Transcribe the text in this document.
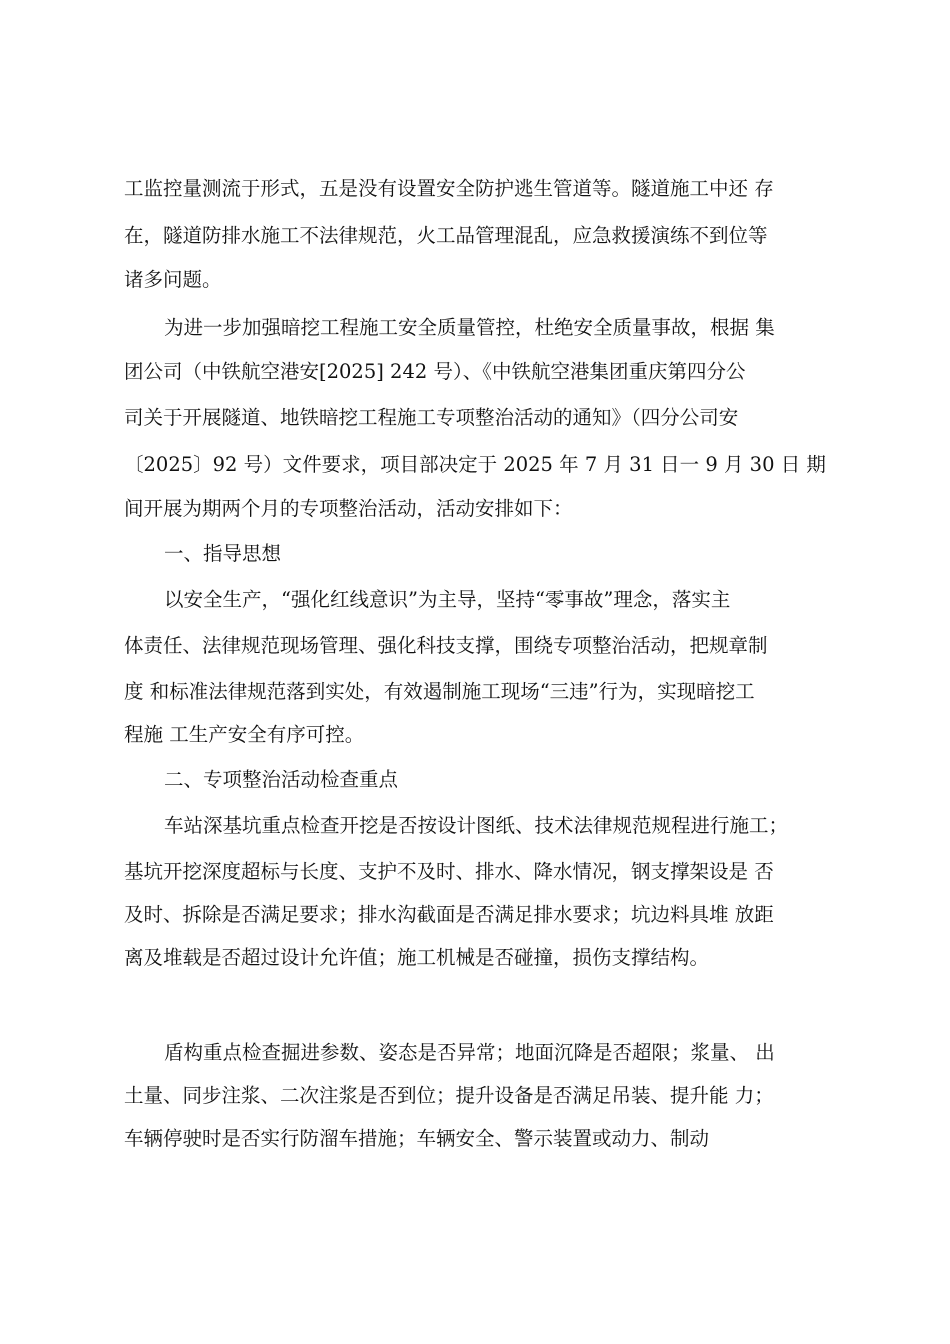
工监控量测流于形式，五是没有设置安全防护逃生管道等。隧道施工中还 存
在，隧道防排水施工不法律规范，火工品管理混乱，应急救援演练不到位等
诸多问题。
为进一步加强暗挖工程施工安全质量管控，杜绝安全质量事故，根据 集
团公司（中铁航空港安[2025] 242 号）、《中铁航空港集团重庆第四分公
司关于开展隧道、地铁暗挖工程施工专项整治活动的通知》（四分公司安
〔2025〕92 号）文件要求，项目部决定于 2025 年 7 月 31 日一 9 月 30 日 期
间开展为期两个月的专项整治活动，活动安排如下：
一、指导思想
以安全生产，“强化红线意识”为主导，坚持“零事故”理念，落实主
体责任、法律规范现场管理、强化科技支撑，围绕专项整治活动，把规章制
度 和标准法律规范落到实处，有效遏制施工现场“三违”行为，实现暗挖工
程施 工生产安全有序可控。
二、专项整治活动检查重点
车站深基坑重点检查开挖是否按设计图纸、技术法律规范规程进行施工；
基坑开挖深度超标与长度、支护不及时、排水、降水情况，钢支撑架设是 否
及时、拆除是否满足要求；排水沟截面是否满足排水要求；坑边料具堆 放距
离及堆载是否超过设计允许值；施工机械是否碰撞，损伤支撑结构。
盾构重点检查掘进参数、姿态是否异常；地面沉降是否超限；浆量、 出
土量、同步注浆、二次注浆是否到位；提升设备是否满足吊装、提升能 力；
车辆停驶时是否实行防溜车措施；车辆安全、警示装置或动力、制动
